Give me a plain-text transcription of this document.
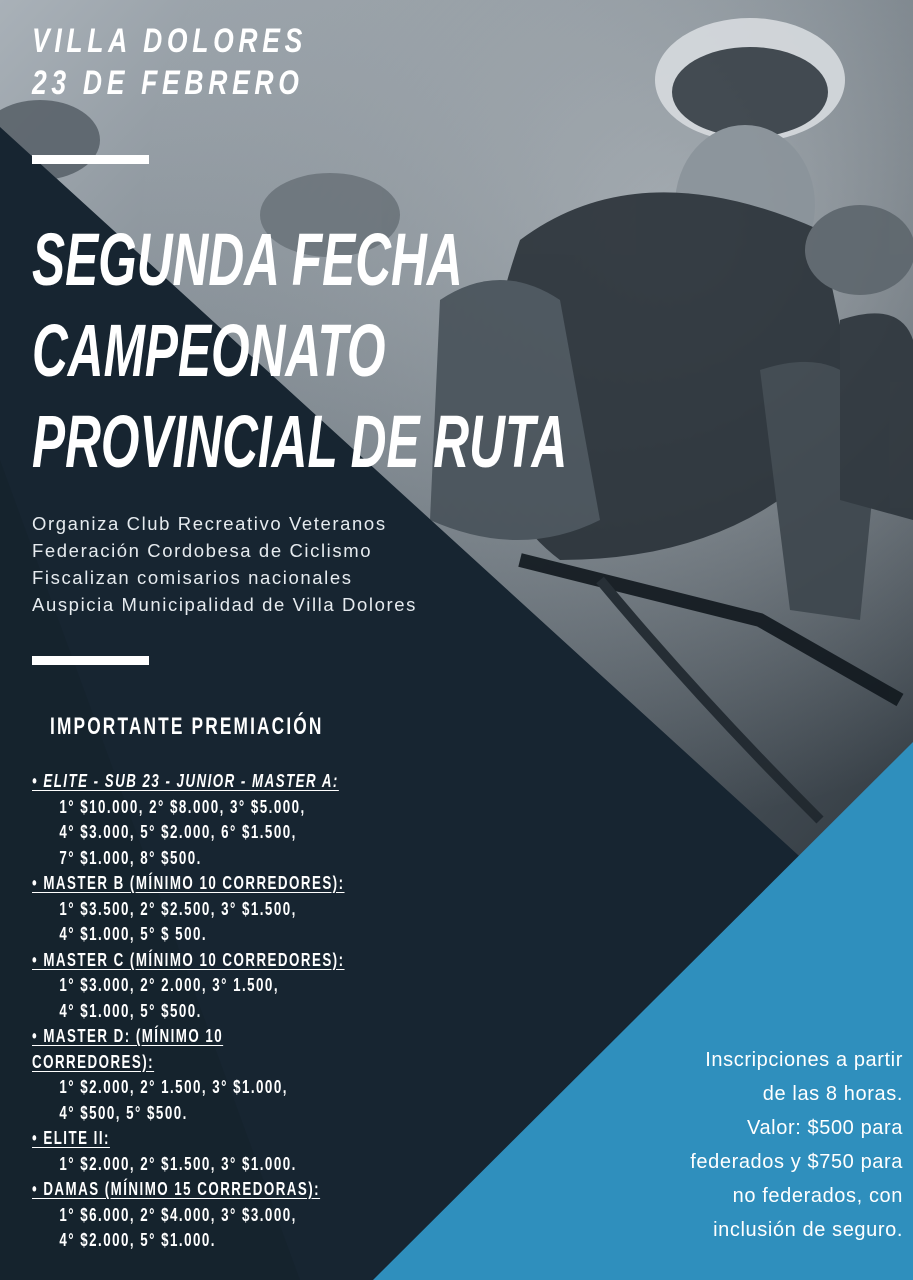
VILLA DOLORES
23 DE FEBRERO
SEGUNDA FECHA
CAMPEONATO
PROVINCIAL DE RUTA
Organiza Club Recreativo Veteranos
Federación Cordobesa de Ciclismo
Fiscalizan comisarios nacionales
Auspicia Municipalidad de Villa Dolores
IMPORTANTE PREMIACIÓN
• ELITE - SUB 23 - JUNIOR - MASTER A:
1° $10.000, 2° $8.000, 3° $5.000,
4° $3.000, 5° $2.000, 6° $1.500,
7° $1.000, 8° $500.
• MASTER B (MÍNIMO 10 CORREDORES):
1° $3.500, 2° $2.500, 3° $1.500,
4° $1.000, 5° $ 500.
• MASTER C (MÍNIMO 10 CORREDORES):
1° $3.000, 2° 2.000, 3° 1.500,
4° $1.000, 5° $500.
• MASTER D: (MÍNIMO 10
CORREDORES):
1° $2.000, 2° 1.500, 3° $1.000,
4° $500, 5° $500.
• ELITE II:
1° $2.000, 2° $1.500, 3° $1.000.
• DAMAS (MÍNIMO 15 CORREDORAS):
1° $6.000, 2° $4.000, 3° $3.000,
4° $2.000, 5° $1.000.
Inscripciones a partir
de las 8 horas.
Valor: $500 para
federados y $750 para
no federados, con
inclusión de seguro.
